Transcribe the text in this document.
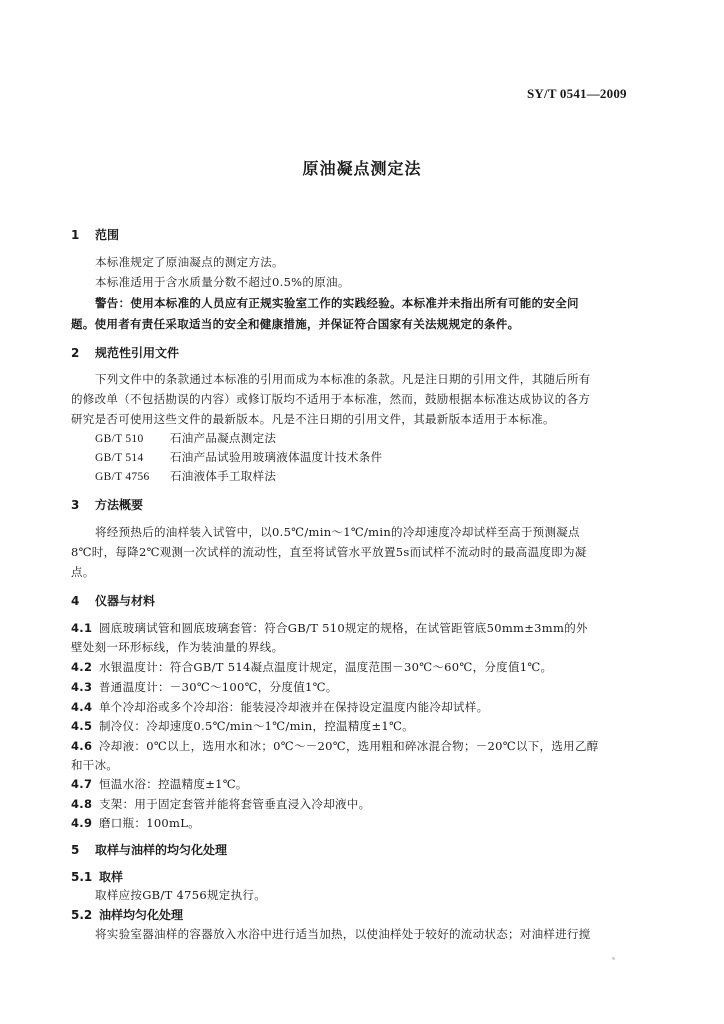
SY/T 0541—2009
原油凝点测定法
1 范围
本标准规定了原油凝点的测定方法。
本标准适用于含水质量分数不超过0.5%的原油。
警告：使用本标准的人员应有正规实验室工作的实践经验。本标准并未指出所有可能的安全问
题。使用者有责任采取适当的安全和健康措施，并保证符合国家有关法规规定的条件。
2 规范性引用文件
下列文件中的条款通过本标准的引用而成为本标准的条款。凡是注日期的引用文件，其随后所有
的修改单（不包括勘误的内容）或修订版均不适用于本标准，然而，鼓励根据本标准达成协议的各方
研究是否可使用这些文件的最新版本。凡是不注日期的引用文件，其最新版本适用于本标准。
GB/T 510 石油产品凝点测定法
GB/T 514 石油产品试验用玻璃液体温度计技术条件
GB/T 4756 石油液体手工取样法
3 方法概要
将经预热后的油样装入试管中，以0.5℃/min～1℃/min的冷却速度冷却试样至高于预测凝点
8℃时，每降2℃观测一次试样的流动性，直至将试管水平放置5s而试样不流动时的最高温度即为凝
点。
4 仪器与材料
4.1 圆底玻璃试管和圆底玻璃套管：符合GB/T 510规定的规格，在试管距管底50mm±3mm的外
壁处刻一环形标线，作为装油量的界线。
4.2 水银温度计：符合GB/T 514凝点温度计规定，温度范围－30℃～60℃，分度值1℃。
4.3 普通温度计：－30℃～100℃，分度值1℃。
4.4 单个冷却浴或多个冷却浴：能装浸冷却液并在保持设定温度内能冷却试样。
4.5 制冷仪：冷却速度0.5℃/min～1℃/min，控温精度±1℃。
4.6 冷却液：0℃以上，选用水和冰；0℃～－20℃，选用粗和碎冰混合物；－20℃以下，选用乙醇
和干冰。
4.7 恒温水浴：控温精度±1℃。
4.8 支架：用于固定套管并能将套管垂直浸入冷却液中。
4.9 磨口瓶：100mL。
5 取样与油样的均匀化处理
5.1 取样
取样应按GB/T 4756规定执行。
5.2 油样均匀化处理
将实验室器油样的容器放入水浴中进行适当加热，以使油样处于较好的流动状态；对油样进行搅
